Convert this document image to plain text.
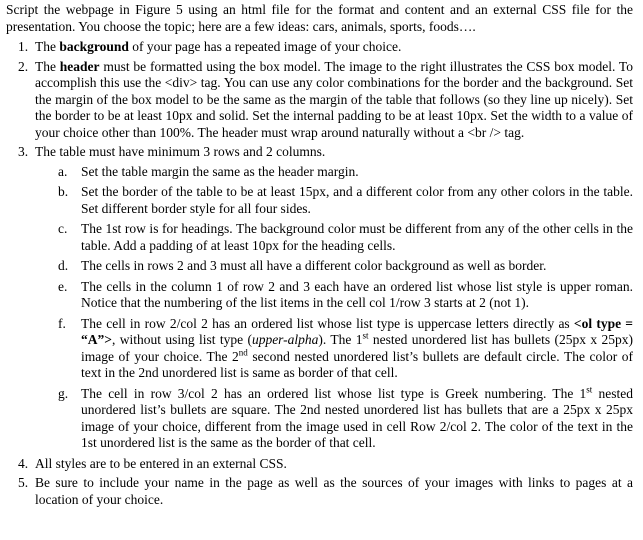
Script the webpage in Figure 5 using an html file for the format and content and an external CSS file for the presentation. You choose the topic; here are a few ideas: cars, animals, sports, foods….
1. The background of your page has a repeated image of your choice.
2. The header must be formatted using the box model. The image to the right illustrates the CSS box model. To accomplish this use the <div> tag. You can use any color combinations for the border and the background. Set the margin of the box model to be the same as the margin of the table that follows (so they line up nicely). Set the border to be at least 10px and solid. Set the internal padding to be at least 10px. Set the width to a value of your choice other than 100%. The header must wrap around naturally without a <br /> tag.
3. The table must have minimum 3 rows and 2 columns.
a. Set the table margin the same as the header margin.
b. Set the border of the table to be at least 15px, and a different color from any other colors in the table. Set different border style for all four sides.
c. The 1st row is for headings. The background color must be different from any of the other cells in the table. Add a padding of at least 10px for the heading cells.
d. The cells in rows 2 and 3 must all have a different color background as well as border.
e. The cells in the column 1 of row 2 and 3 each have an ordered list whose list style is upper roman. Notice that the numbering of the list items in the cell col 1/row 3 starts at 2 (not 1).
f. The cell in row 2/col 2 has an ordered list whose list type is uppercase letters directly as <ol type = “A”>, without using list type (upper-alpha). The 1st nested unordered list has bullets (25px x 25px) image of your choice. The 2nd second nested unordered list’s bullets are default circle. The color of text in the 2nd unordered list is same as border of that cell.
g. The cell in row 3/col 2 has an ordered list whose list type is Greek numbering. The 1st nested unordered list’s bullets are square. The 2nd nested unordered list has bullets that are a 25px x 25px image of your choice, different from the image used in cell Row 2/col 2. The color of the text in the 1st unordered list is the same as the border of that cell.
4. All styles are to be entered in an external CSS.
5. Be sure to include your name in the page as well as the sources of your images with links to pages at a location of your choice.
